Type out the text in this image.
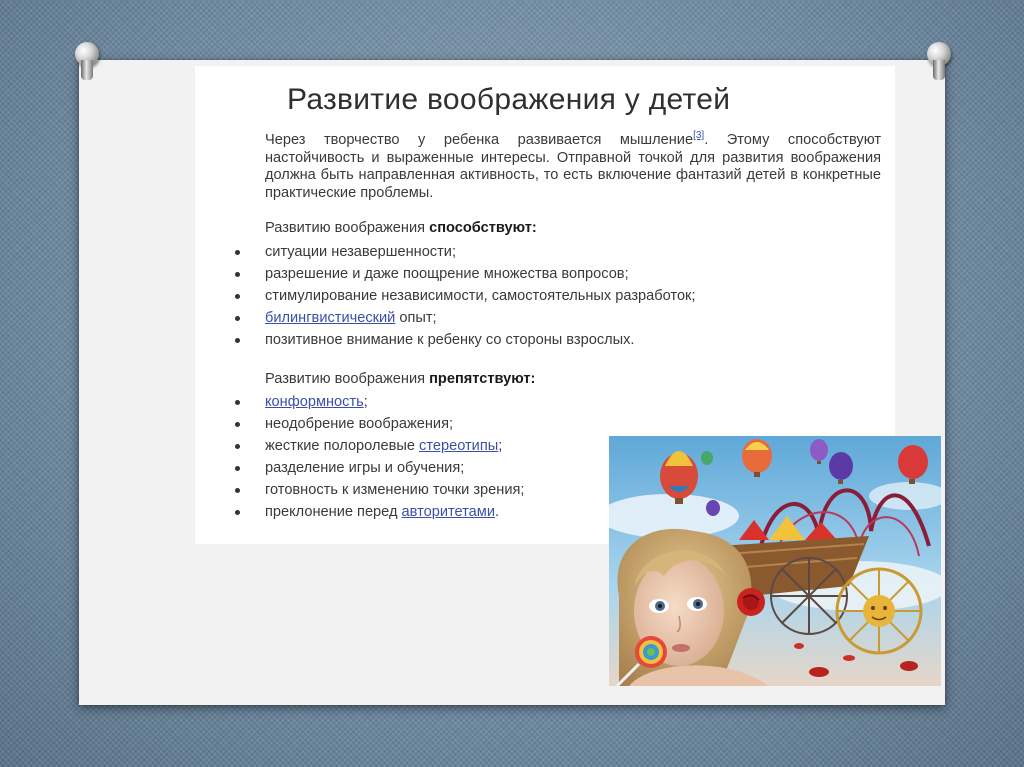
Развитие воображения у детей

Через творчество у ребенка развивается мышление[3]. Этому способствуют настойчивость и выраженные интересы. Отправной точкой для развития воображения должна быть направленная активность, то есть включение фантазий детей в конкретные практические проблемы.

Развитию воображения способствуют:

ситуации незавершенности;
разрешение и даже поощрение множества вопросов;
стимулирование независимости, самостоятельных разработок;
билингвистический опыт;
позитивное внимание к ребенку со стороны взрослых.

Развитию воображения препятствуют:

конформность;
неодобрение воображения;
жесткие полоролевые стереотипы;
разделение игры и обучения;
готовность к изменению точки зрения;
преклонение перед авторитетами.
